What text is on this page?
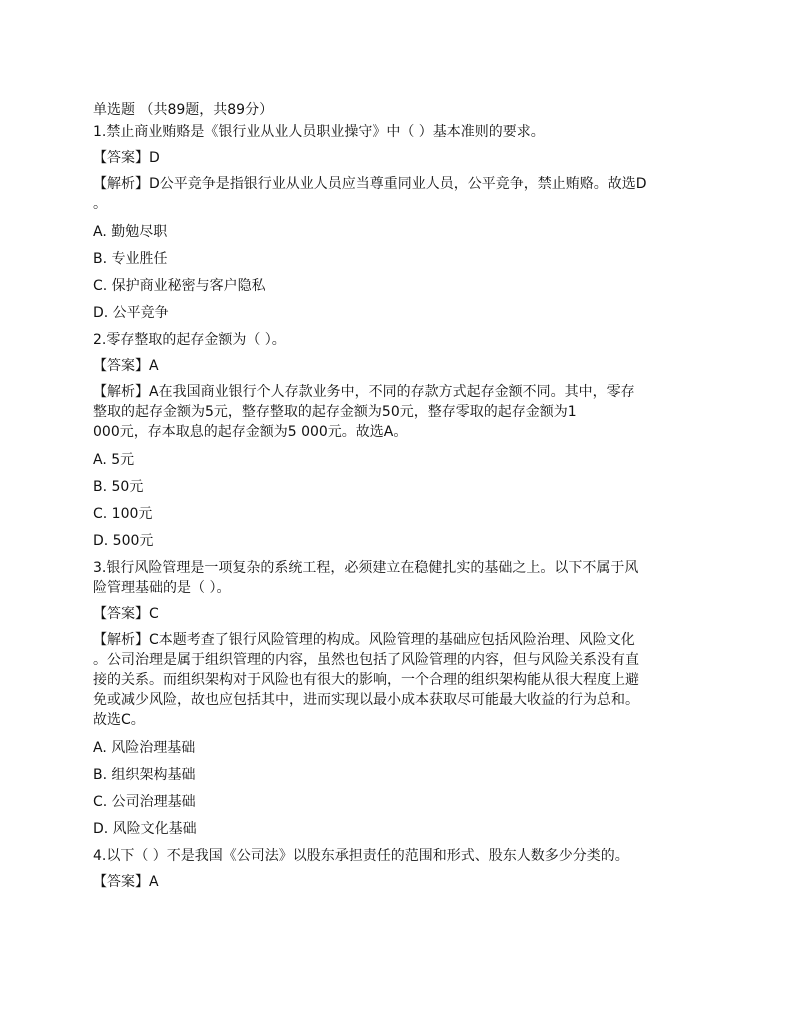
单选题 （共89题，共89分）
1.禁止商业贿赂是《银行业从业人员职业操守》中（ ）基本准则的要求。
【答案】D
【解析】D公平竞争是指银行业从业人员应当尊重同业人员，公平竞争，禁止贿赂。故选D
。
A. 勤勉尽职
B. 专业胜任
C. 保护商业秘密与客户隐私
D. 公平竞争
2.零存整取的起存金额为（ ）。
【答案】A
【解析】A在我国商业银行个人存款业务中，不同的存款方式起存金额不同。其中，零存
整取的起存金额为5元，整存整取的起存金额为50元，整存零取的起存金额为1
000元，存本取息的起存金额为5 000元。故选A。
A. 5元
B. 50元
C. 100元
D. 500元
3.银行风险管理是一项复杂的系统工程，必须建立在稳健扎实的基础之上。以下不属于风
险管理基础的是（ ）。
【答案】C
【解析】C本题考查了银行风险管理的构成。风险管理的基础应包括风险治理、风险文化
。公司治理是属于组织管理的内容，虽然也包括了风险管理的内容，但与风险关系没有直
接的关系。而组织架构对于风险也有很大的影响，一个合理的组织架构能从很大程度上避
免或减少风险，故也应包括其中，进而实现以最小成本获取尽可能最大收益的行为总和。
故选C。
A. 风险治理基础
B. 组织架构基础
C. 公司治理基础
D. 风险文化基础
4.以下（ ）不是我国《公司法》以股东承担责任的范围和形式、股东人数多少分类的。
【答案】A
